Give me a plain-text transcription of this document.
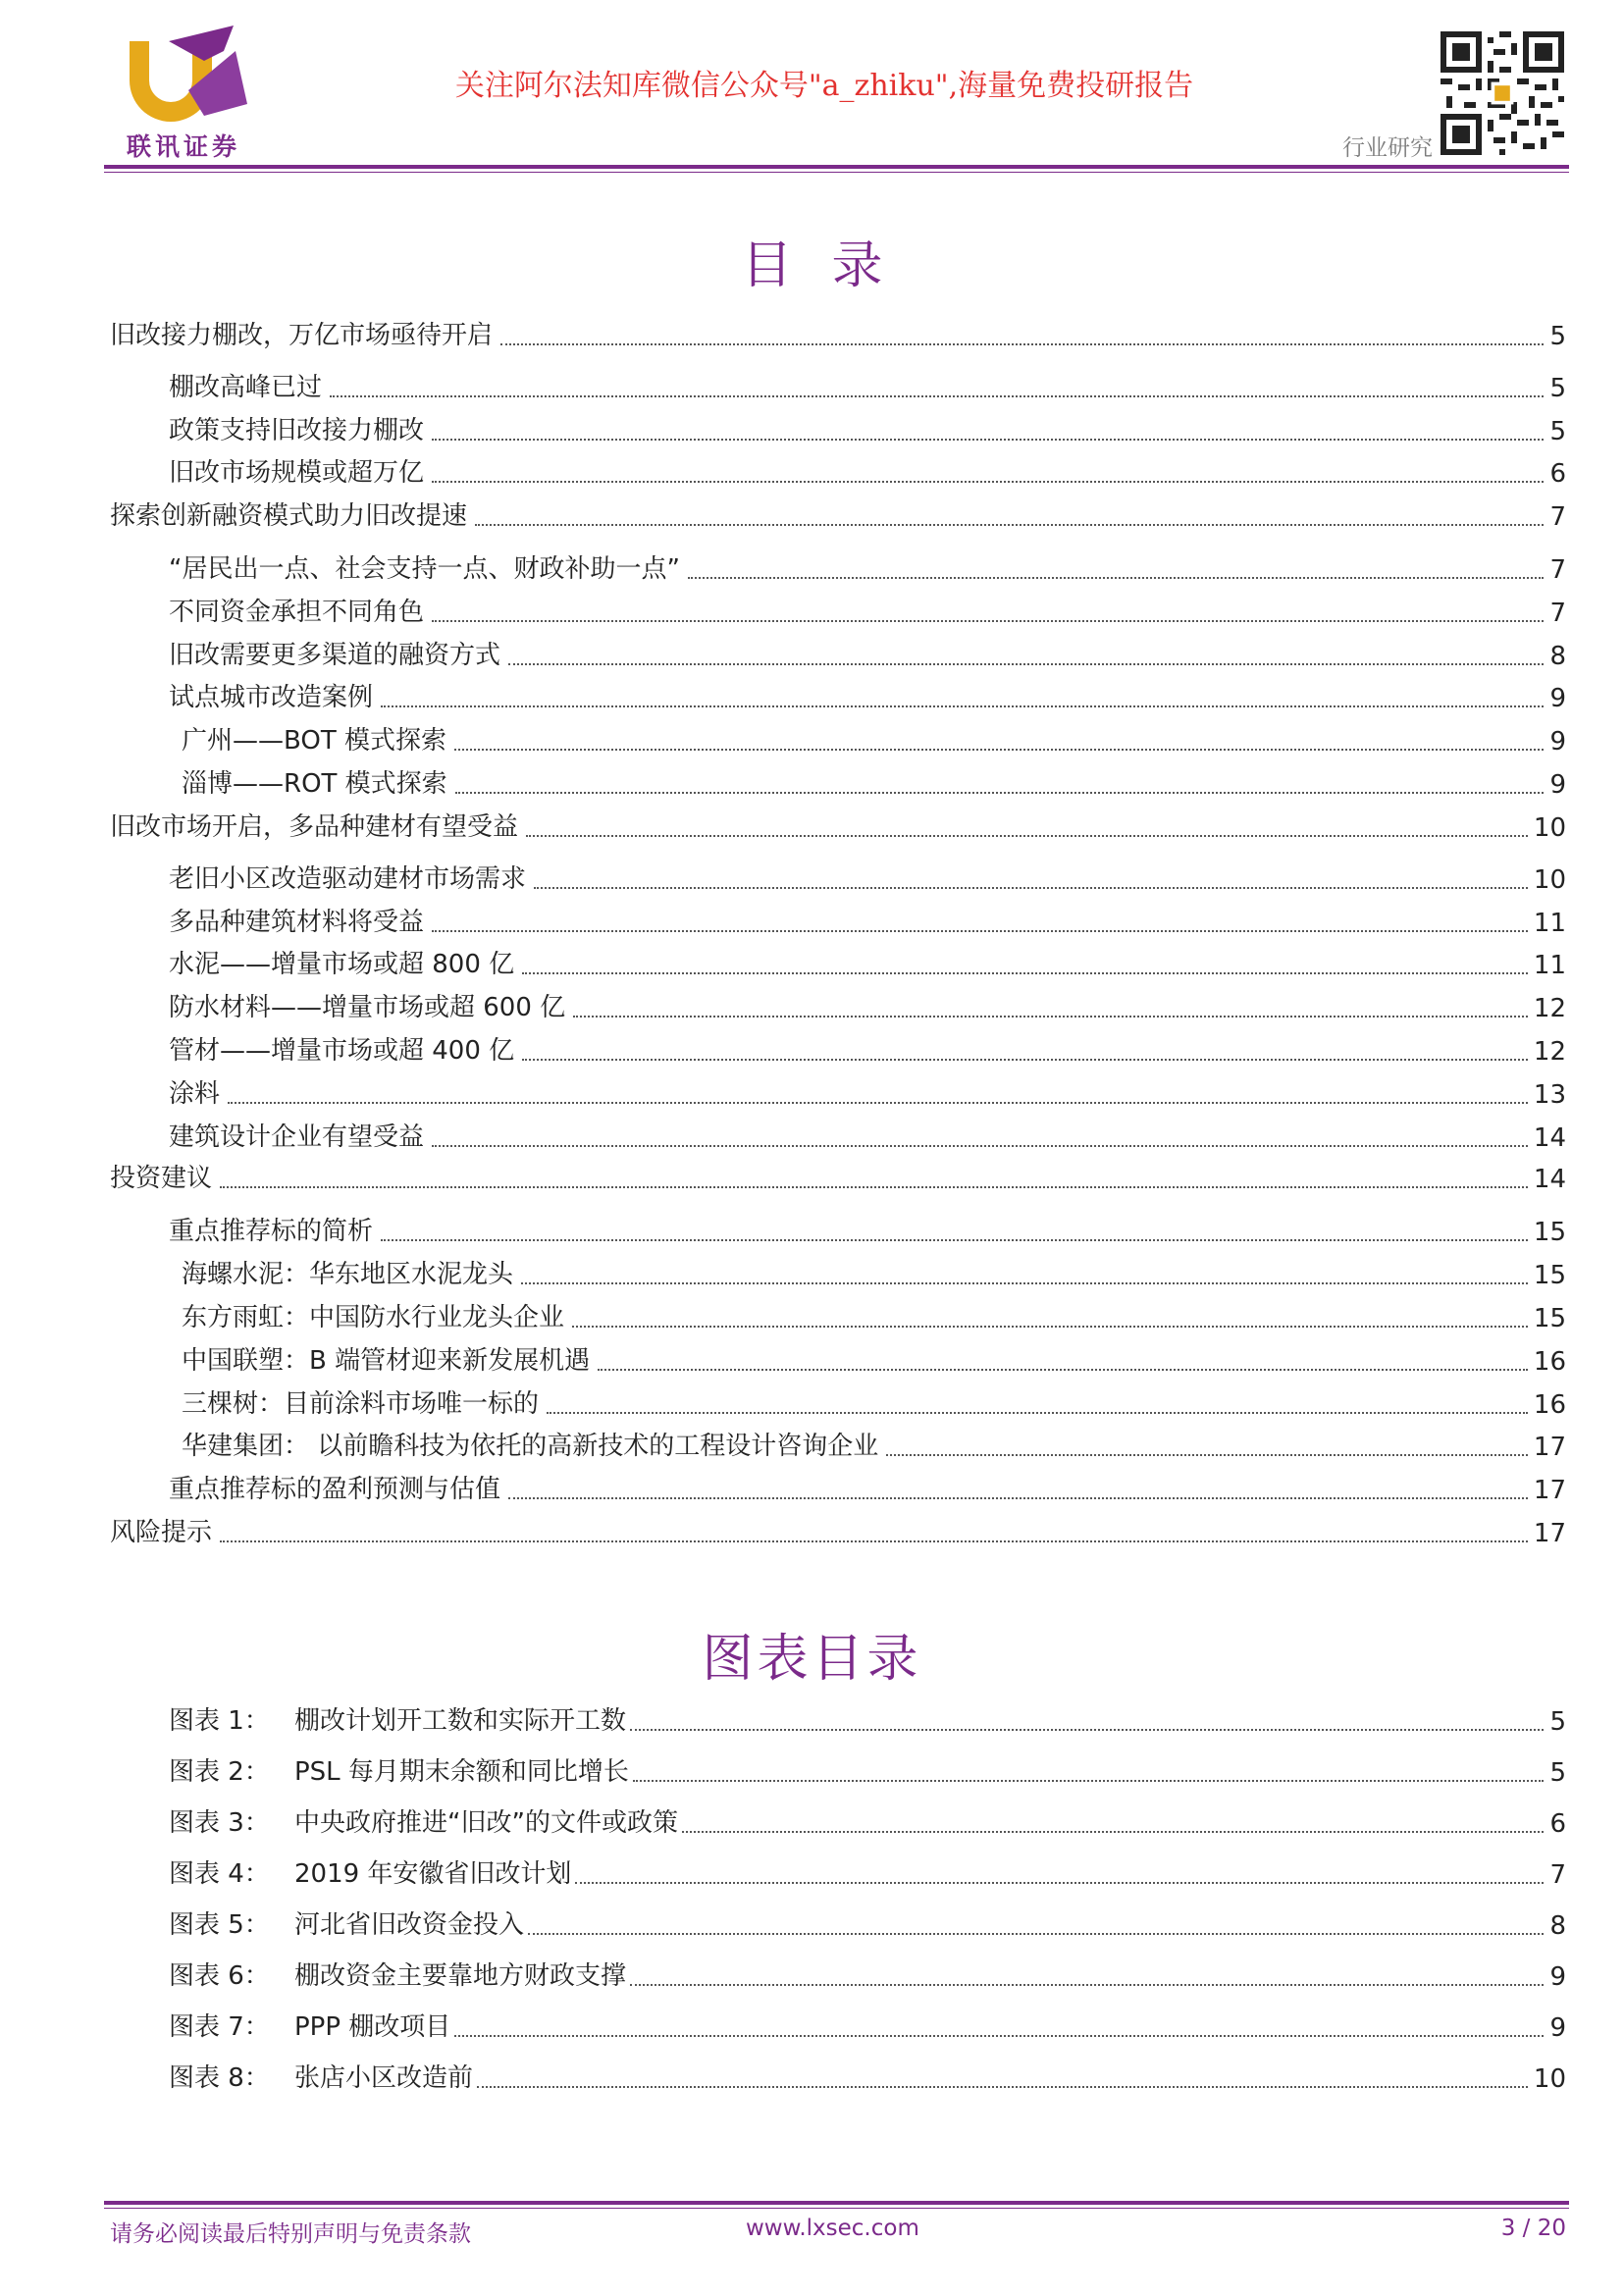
联讯证券
关注阿尔法知库微信公众号"a_zhiku",海量免费投研报告
行业研究
目录
旧改接力棚改，万亿市场亟待开启	5
棚改高峰已过	5
政策支持旧改接力棚改	5
旧改市场规模或超万亿	6
探索创新融资模式助力旧改提速	7
“居民出一点、社会支持一点、财政补助一点”	7
不同资金承担不同角色	7
旧改需要更多渠道的融资方式	8
试点城市改造案例	9
广州——BOT 模式探索	9
淄博——ROT 模式探索	9
旧改市场开启，多品种建材有望受益	10
老旧小区改造驱动建材市场需求	10
多品种建筑材料将受益	11
水泥——增量市场或超 800 亿	11
防水材料——增量市场或超 600 亿	12
管材——增量市场或超 400 亿	12
涂料	13
建筑设计企业有望受益	14
投资建议	14
重点推荐标的简析	15
海螺水泥：华东地区水泥龙头	15
东方雨虹：中国防水行业龙头企业	15
中国联塑：B 端管材迎来新发展机遇	16
三棵树：目前涂料市场唯一标的	16
华建集团： 以前瞻科技为依托的高新技术的工程设计咨询企业	17
重点推荐标的盈利预测与估值	17
风险提示	17
图表目录
图表 1： 棚改计划开工数和实际开工数	5
图表 2： PSL 每月期末余额和同比增长	5
图表 3： 中央政府推进“旧改”的文件或政策	6
图表 4： 2019 年安徽省旧改计划	7
图表 5： 河北省旧改资金投入	8
图表 6： 棚改资金主要靠地方财政支撑	9
图表 7： PPP 棚改项目	9
图表 8： 张店小区改造前	10
请务必阅读最后特别声明与免责条款	www.lxsec.com	3 / 20
